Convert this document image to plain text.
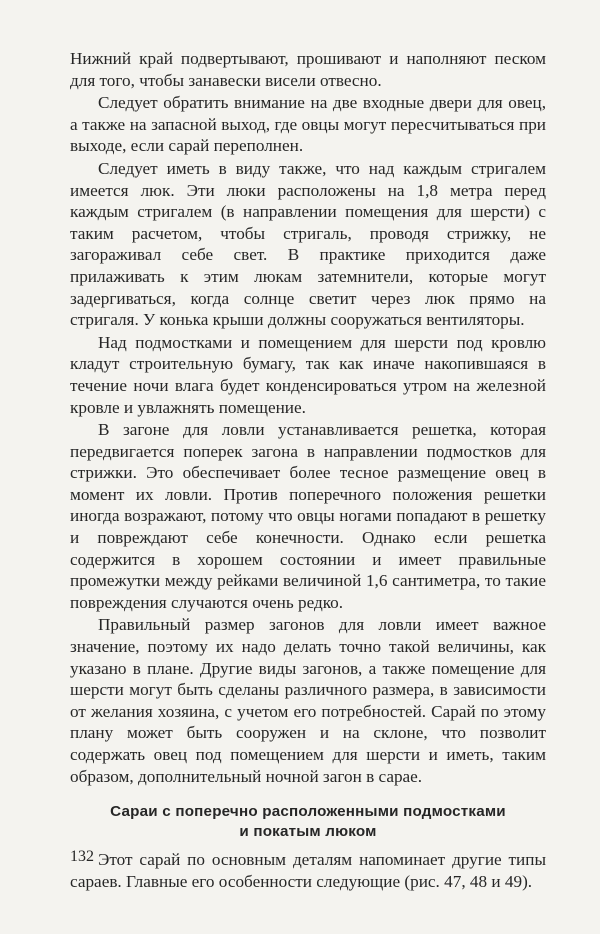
Нижний край подвертывают, прошивают и наполняют песком для того, чтобы занавески висели отвесно.

Следует обратить внимание на две входные двери для овец, а также на запасной выход, где овцы могут пересчитываться при выходе, если сарай переполнен.

Следует иметь в виду также, что над каждым стригалем имеется люк. Эти люки расположены на 1,8 метра перед каждым стригалем (в направлении помещения для шерсти) с таким расчетом, чтобы стригаль, проводя стрижку, не загораживал себе свет. В практике приходится даже прилаживать к этим люкам затемнители, которые могут задергиваться, когда солнце светит через люк прямо на стригаля. У конька крыши должны сооружаться вентиляторы.

Над подмостками и помещением для шерсти под кровлю кладут строительную бумагу, так как иначе накопившаяся в течение ночи влага будет конденсироваться утром на железной кровле и увлажнять помещение.

В загоне для ловли устанавливается решетка, которая передвигается поперек загона в направлении подмостков для стрижки. Это обеспечивает более тесное размещение овец в момент их ловли. Против поперечного положения решетки иногда возражают, потому что овцы ногами попадают в решетку и повреждают себе конечности. Однако если решетка содержится в хорошем состоянии и имеет правильные промежутки между рейками величиной 1,6 сантиметра, то такие повреждения случаются очень редко.

Правильный размер загонов для ловли имеет важное значение, поэтому их надо делать точно такой величины, как указано в плане. Другие виды загонов, а также помещение для шерсти могут быть сделаны различного размера, в зависимости от желания хозяина, с учетом его потребностей. Сарай по этому плану может быть сооружен и на склоне, что позволит содержать овец под помещением для шерсти и иметь, таким образом, дополнительный ночной загон в сарае.

Сараи с поперечно расположенными подмостками
и покатым люком

Этот сарай по основным деталям напоминает другие типы сараев. Главные его особенности следующие (рис. 47, 48 и 49).

132
